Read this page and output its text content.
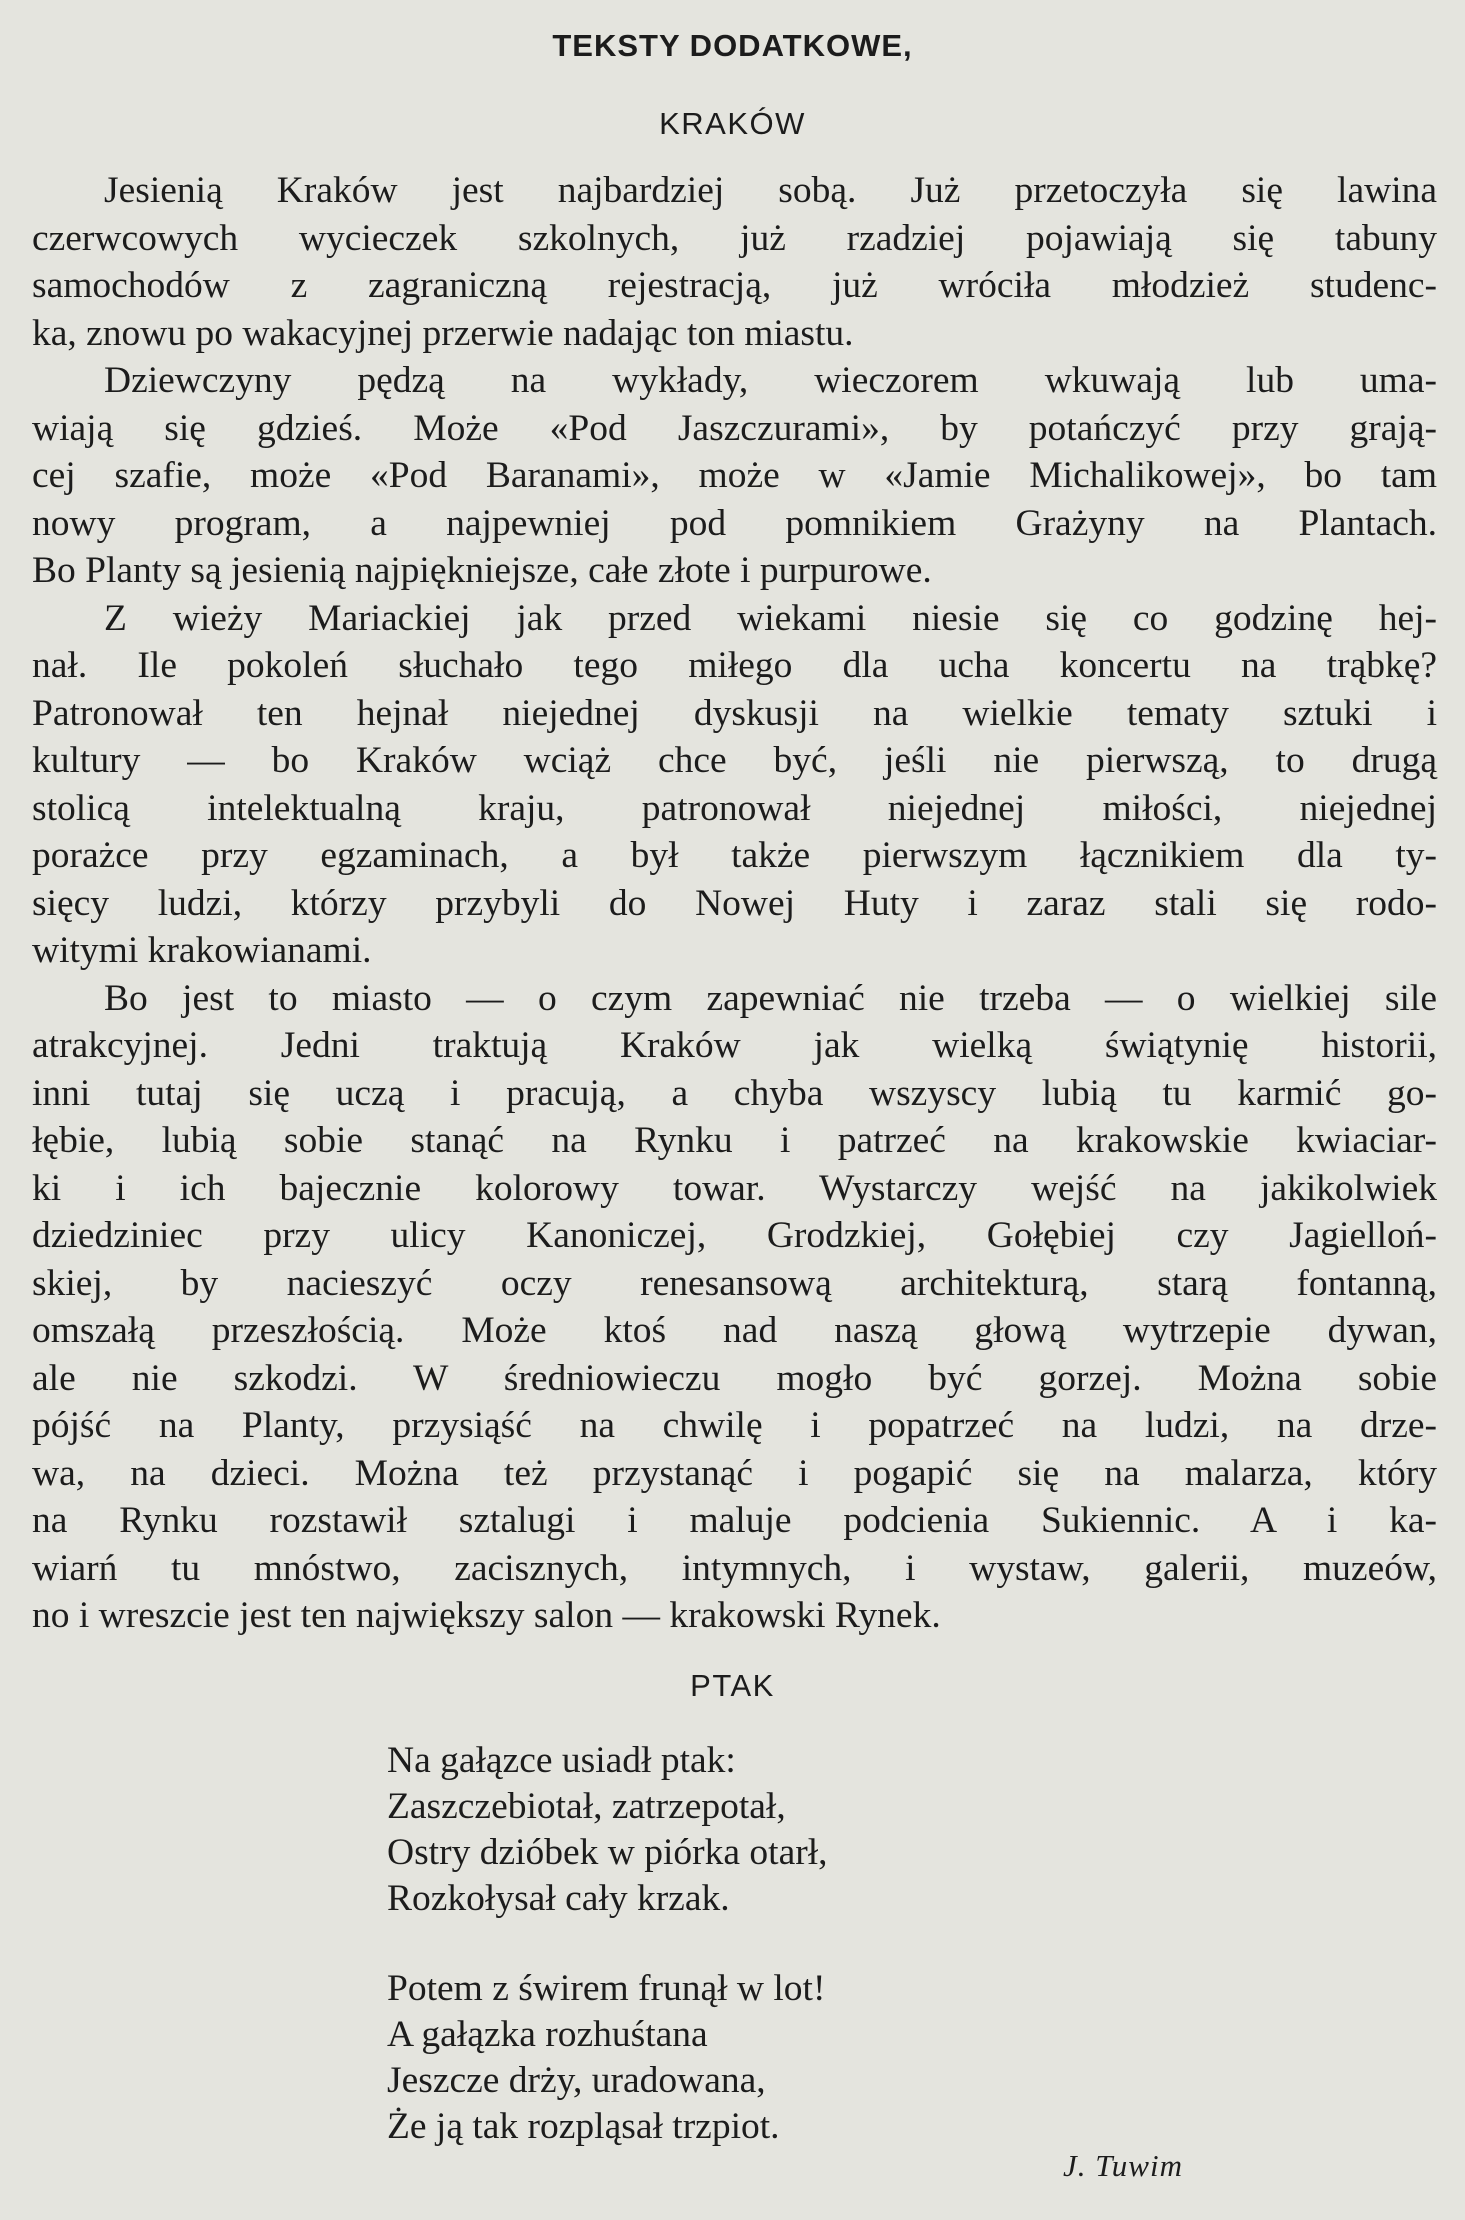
TEKSTY DODATKOWE,
KRAKÓW
Jesienią Kraków jest najbardziej sobą. Już przetoczyła się lawina
czerwcowych wycieczek szkolnych, już rzadziej pojawiają się tabuny
samochodów z zagraniczną rejestracją, już wróciła młodzież studenc-
ka, znowu po wakacyjnej przerwie nadając ton miastu.
Dziewczyny pędzą na wykłady, wieczorem wkuwają lub uma-
wiają się gdzieś. Może «Pod Jaszczurami», by potańczyć przy grają-
cej szafie, może «Pod Baranami», może w «Jamie Michalikowej», bo tam
nowy program, a najpewniej pod pomnikiem Grażyny na Plantach.
Bo Planty są jesienią najpiękniejsze, całe złote i purpurowe.
Z wieży Mariackiej jak przed wiekami niesie się co godzinę hej-
nał. Ile pokoleń słuchało tego miłego dla ucha koncertu na trąbkę?
Patronował ten hejnał niejednej dyskusji na wielkie tematy sztuki i
kultury — bo Kraków wciąż chce być, jeśli nie pierwszą, to drugą
stolicą intelektualną kraju, patronował niejednej miłości, niejednej
porażce przy egzaminach, a był także pierwszym łącznikiem dla ty-
sięcy ludzi, którzy przybyli do Nowej Huty i zaraz stali się rodo-
witymi krakowianami.
Bo jest to miasto — o czym zapewniać nie trzeba — o wielkiej sile
atrakcyjnej. Jedni traktują Kraków jak wielką świątynię historii,
inni tutaj się uczą i pracują, a chyba wszyscy lubią tu karmić go-
łębie, lubią sobie stanąć na Rynku i patrzeć na krakowskie kwiaciar-
ki i ich bajecznie kolorowy towar. Wystarczy wejść na jakikolwiek
dziedziniec przy ulicy Kanoniczej, Grodzkiej, Gołębiej czy Jagielloń-
skiej, by nacieszyć oczy renesansową architekturą, starą fontanną,
omszałą przeszłością. Może ktoś nad naszą głową wytrzepie dywan,
ale nie szkodzi. W średniowieczu mogło być gorzej. Można sobie
pójść na Planty, przysiąść na chwilę i popatrzeć na ludzi, na drze-
wa, na dzieci. Można też przystanąć i pogapić się na malarza, który
na Rynku rozstawił sztalugi i maluje podcienia Sukiennic. A i ka-
wiarń tu mnóstwo, zacisznych, intymnych, i wystaw, galerii, muzeów,
no i wreszcie jest ten największy salon — krakowski Rynek.
PTAK
Na gałązce usiadł ptak:
Zaszczebiotał, zatrzepotał,
Ostry dzióbek w piórka otarł,
Rozkołysał cały krzak.
Potem z świrem frunął w lot!
A gałązka rozhuśtana
Jeszcze drży, uradowana,
Że ją tak rozpląsał trzpiot.
J. Tuwim
